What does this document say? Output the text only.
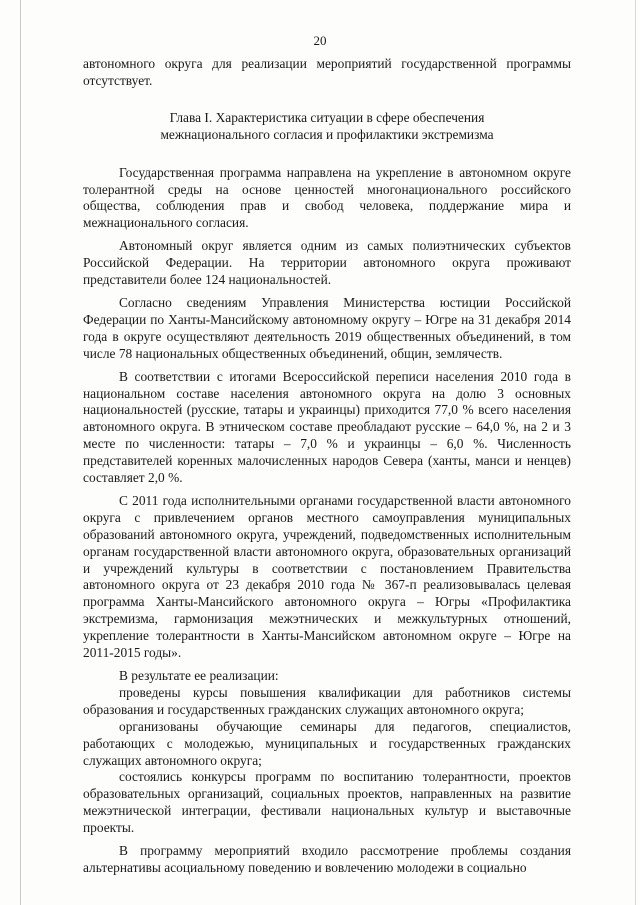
20

автономного округа для реализации мероприятий государственной программы отсутствует.

Глава I. Характеристика ситуации в сфере обеспечения
межнационального согласия и профилактики экстремизма

Государственная программа направлена на укрепление в автономном округе толерантной среды на основе ценностей многонационального российского общества, соблюдения прав и свобод человека, поддержание мира и межнационального согласия.

Автономный округ является одним из самых полиэтнических субъектов Российской Федерации. На территории автономного округа проживают представители более 124 национальностей.

Согласно сведениям Управления Министерства юстиции Российской Федерации по Ханты-Мансийскому автономному округу – Югре на 31 декабря 2014 года в округе осуществляют деятельность 2019 общественных объединений, в том числе 78 национальных общественных объединений, общин, землячеств.

В соответствии с итогами Всероссийской переписи населения 2010 года в национальном составе населения автономного округа на долю 3 основных национальностей (русские, татары и украинцы) приходится 77,0 % всего населения автономного округа. В этническом составе преобладают русские – 64,0 %, на 2 и 3 месте по численности: татары – 7,0 % и украинцы – 6,0 %. Численность представителей коренных малочисленных народов Севера (ханты, манси и ненцев) составляет 2,0 %.

С 2011 года исполнительными органами государственной власти автономного округа с привлечением органов местного самоуправления муниципальных образований автономного округа, учреждений, подведомственных исполнительным органам государственной власти автономного округа, образовательных организаций и учреждений культуры в соответствии с постановлением Правительства автономного округа от 23 декабря 2010 года № 367-п реализовывалась целевая программа Ханты-Мансийского автономного округа – Югры «Профилактика экстремизма, гармонизация межэтнических и межкультурных отношений, укрепление толерантности в Ханты-Мансийском автономном округе – Югре на 2011-2015 годы».

В результате ее реализации:

проведены курсы повышения квалификации для работников системы образования и государственных гражданских служащих автономного округа;

организованы обучающие семинары для педагогов, специалистов, работающих с молодежью, муниципальных и государственных гражданских служащих автономного округа;

состоялись конкурсы программ по воспитанию толерантности, проектов образовательных организаций, социальных проектов, направленных на развитие межэтнической интеграции, фестивали национальных культур и выставочные проекты.

В программу мероприятий входило рассмотрение проблемы создания альтернативы асоциальному поведению и вовлечению молодежи в социально
